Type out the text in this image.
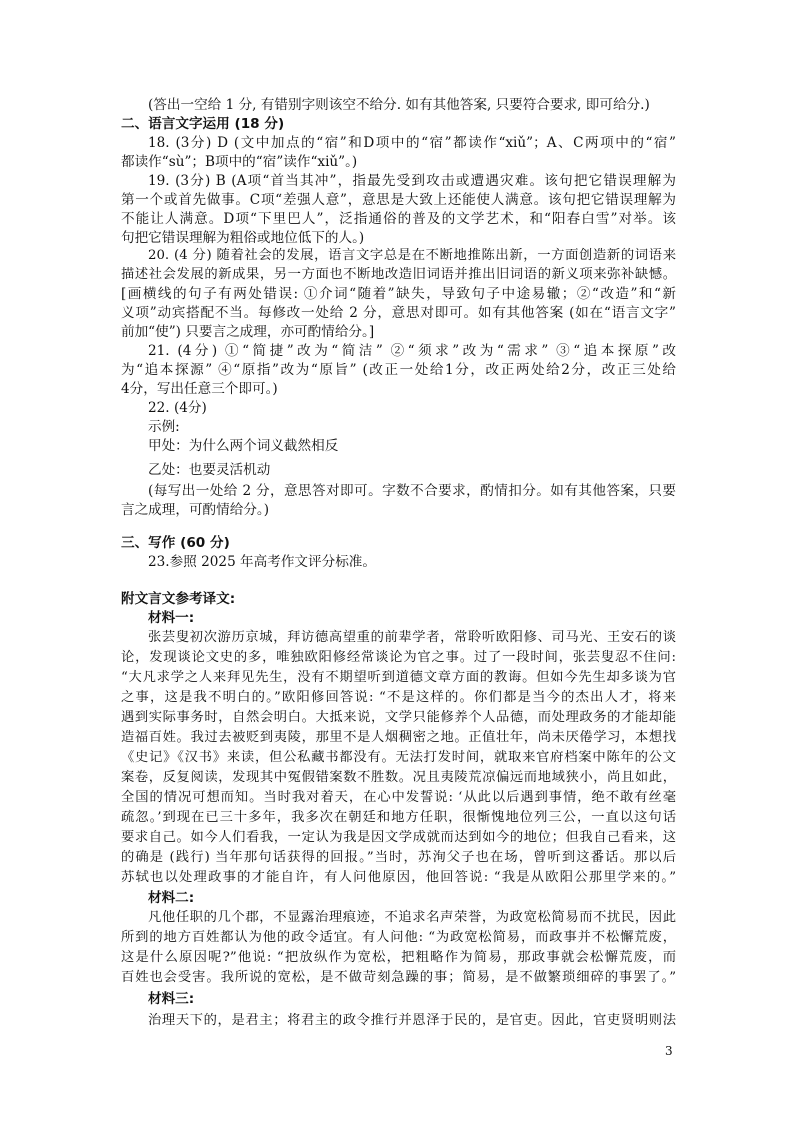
(答出一空给 1 分, 有错别字则该空不给分. 如有其他答案, 只要符合要求, 即可给分.)
二、语言文字运用 (18 分)
18. (3分) D (文中加点的“宿”和D项中的“宿”都读作“xiǔ”；A、C两项中的“宿”
都读作“sù”；B项中的“宿”读作“xiǔ”。)
19. (3分) B (A项“首当其冲”，指最先受到攻击或遭遇灾难。该句把它错误理解为
第一个或首先做事。C项“差强人意”，意思是大致上还能使人满意。该句把它错误理解为
不能让人满意。D项“下里巴人”，泛指通俗的普及的文学艺术，和“阳春白雪”对举。该
句把它错误理解为粗俗或地位低下的人。)
20. (4 分) 随着社会的发展，语言文字总是在不断地推陈出新，一方面创造新的词语来
描述社会发展的新成果，另一方面也不断地改造旧词语并推出旧词语的新义项来弥补缺憾。
[画横线的句子有两处错误: ①介词“随着”缺失，导致句子中途易辙；②“改造”和“新
义项”动宾搭配不当。每修改一处给 2 分，意思对即可。如有其他答案 (如在“语言文字”
前加“使”) 只要言之成理，亦可酌情给分。]
21. (4分) ①“简捷”改为“简洁” ②“须求”改为“需求” ③“追本探原”改
为“追本探源” ④“原指”改为“原旨” (改正一处给1分，改正两处给2分，改正三处给
4分，写出任意三个即可。)
22. (4分)
示例:
甲处：为什么两个词义截然相反
乙处：也要灵活机动
(每写出一处给 2 分，意思答对即可。字数不合要求，酌情扣分。如有其他答案，只要
言之成理，可酌情给分。)
三、写作 (60 分)
23.参照 2025 年高考作文评分标准。
附文言文参考译文:
材料一:
张芸叟初次游历京城，拜访德高望重的前辈学者，常聆听欧阳修、司马光、王安石的谈
论，发现谈论文史的多，唯独欧阳修经常谈论为官之事。过了一段时间，张芸叟忍不住问:
“大凡求学之人来拜见先生，没有不期望听到道德文章方面的教诲。但如今先生却多谈为官
之事，这是我不明白的。”欧阳修回答说: “不是这样的。你们都是当今的杰出人才，将来
遇到实际事务时，自然会明白。大抵来说，文学只能修养个人品德，而处理政务的才能却能
造福百姓。我过去被贬到夷陵，那里不是人烟稠密之地。正值壮年，尚未厌倦学习，本想找
《史记》《汉书》来读，但公私藏书都没有。无法打发时间，就取来官府档案中陈年的公文
案卷，反复阅读，发现其中冤假错案数不胜数。况且夷陵荒凉偏远而地域狭小，尚且如此，
全国的情况可想而知。当时我对着天，在心中发誓说: ‘从此以后遇到事情，绝不敢有丝毫
疏忽。’到现在已三十多年，我多次在朝廷和地方任职，很惭愧地位列三公，一直以这句话
要求自己。如今人们看我，一定认为我是因文学成就而达到如今的地位；但我自己看来，这
的确是 (践行) 当年那句话获得的回报。”当时，苏洵父子也在场，曾听到这番话。那以后
苏轼也以处理政事的才能自许，有人问他原因，他回答说: “我是从欧阳公那里学来的。”
材料二:
凡他任职的几个郡，不显露治理痕迹，不追求名声荣誉，为政宽松简易而不扰民，因此
所到的地方百姓都认为他的政令适宜。有人问他: “为政宽松简易，而政事并不松懈荒废，
这是什么原因呢?”他说: “把放纵作为宽松，把粗略作为简易，那政事就会松懈荒废，而
百姓也会受害。我所说的宽松，是不做苛刻急躁的事；简易，是不做繁琐细碎的事罢了。”
材料三:
治理天下的，是君主；将君主的政令推行并恩泽于民的，是官吏。因此，官吏贤明则法
3
